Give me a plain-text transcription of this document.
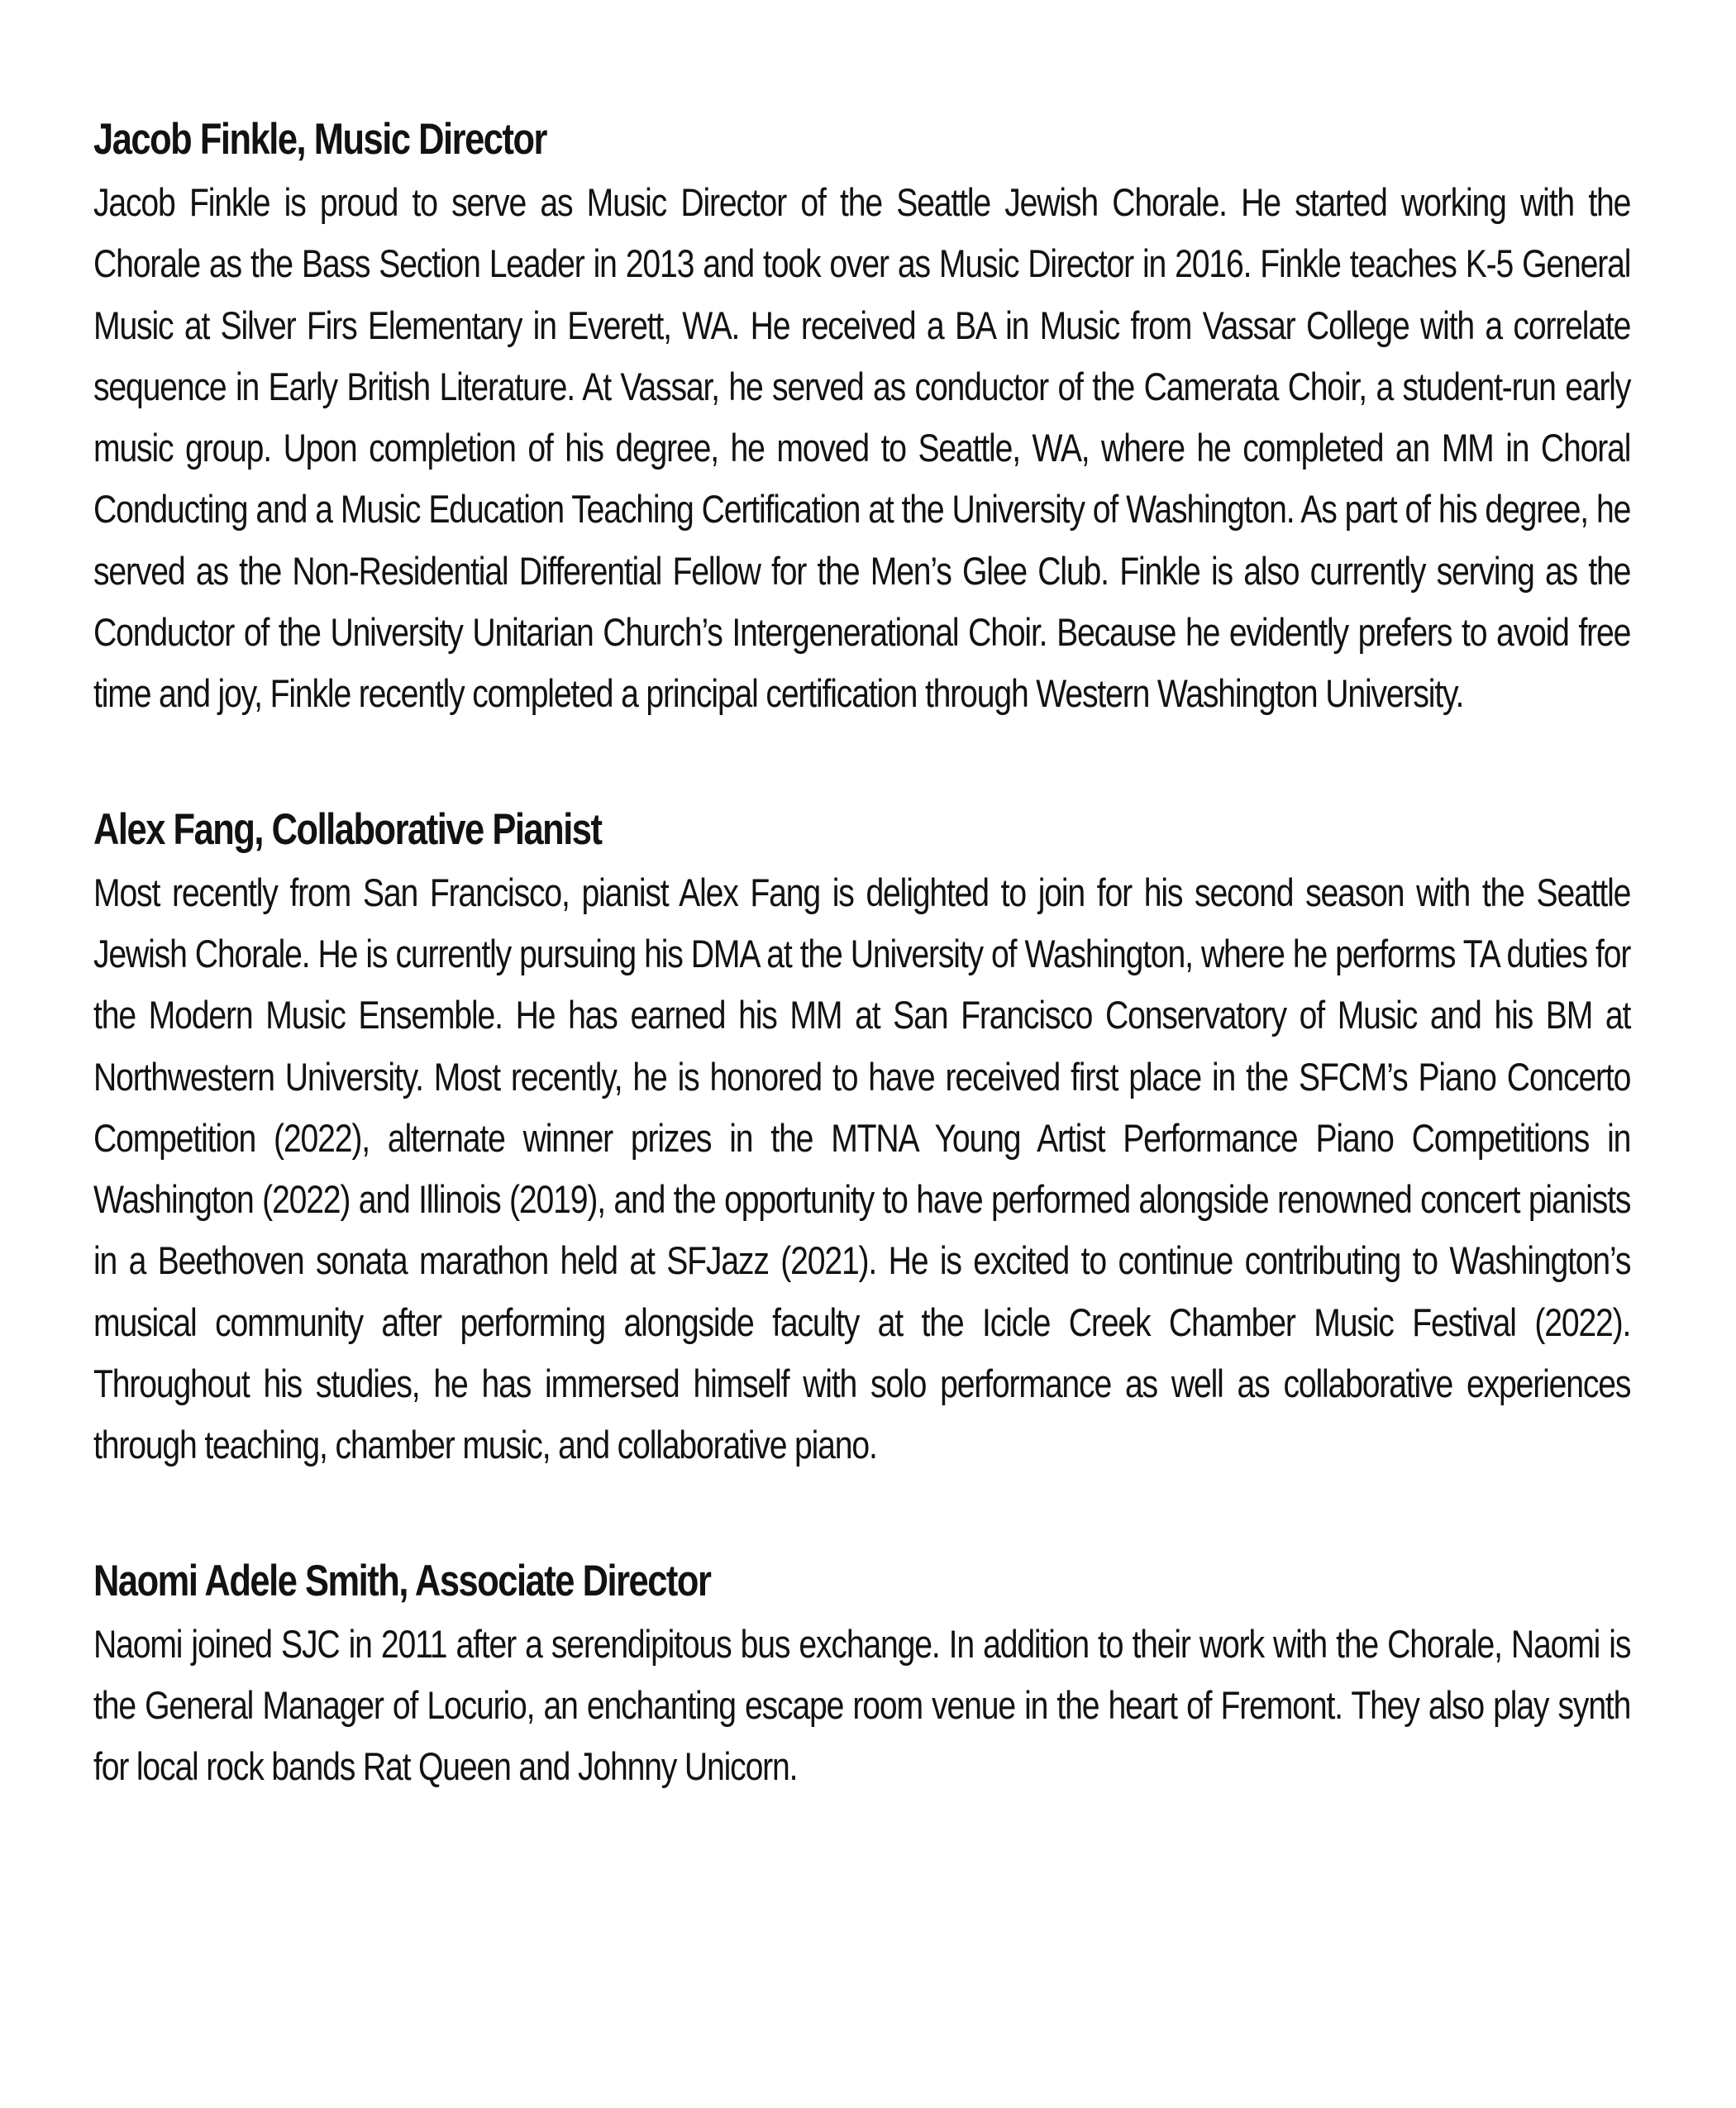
Jacob Finkle, Music Director

Jacob Finkle is proud to serve as Music Director of the Seattle Jewish Chorale. He started working with the Chorale as the Bass Section Leader in 2013 and took over as Music Director in 2016. Finkle teaches K-5 General Music at Silver Firs Elementary in Everett, WA. He received a BA in Music from Vassar College with a correlate sequence in Early British Literature. At Vassar, he served as conductor of the Camerata Choir, a student-run early music group. Upon completion of his degree, he moved to Seattle, WA, where he completed an MM in Choral Conducting and a Music Education Teaching Certification at the University of Washington. As part of his degree, he served as the Non-Residential Differential Fellow for the Men’s Glee Club. Finkle is also currently serving as the Conductor of the University Unitarian Church’s Intergenerational Choir. Because he evidently prefers to avoid free time and joy, Finkle recently completed a principal certification through Western Washington University.

Alex Fang, Collaborative Pianist

Most recently from San Francisco, pianist Alex Fang is delighted to join for his second season with the Seattle Jewish Chorale. He is currently pursuing his DMA at the University of Washington, where he performs TA duties for the Modern Music Ensemble. He has earned his MM at San Francisco Conservatory of Music and his BM at Northwestern University. Most recently, he is honored to have received first place in the SFCM’s Piano Concerto Competition (2022), alternate winner prizes in the MTNA Young Artist Performance Piano Competitions in Washington (2022) and Illinois (2019), and the opportunity to have performed alongside renowned concert pianists in a Beethoven sonata marathon held at SFJazz (2021). He is excited to continue contributing to Washington’s musical community after performing alongside faculty at the Icicle Creek Chamber Music Festival (2022). Throughout his studies, he has immersed himself with solo performance as well as collaborative experiences through teaching, chamber music, and collaborative piano.

Naomi Adele Smith, Associate Director

Naomi joined SJC in 2011 after a serendipitous bus exchange. In addition to their work with the Chorale, Naomi is the General Manager of Locurio, an enchanting escape room venue in the heart of Fremont. They also play synth for local rock bands Rat Queen and Johnny Unicorn.
